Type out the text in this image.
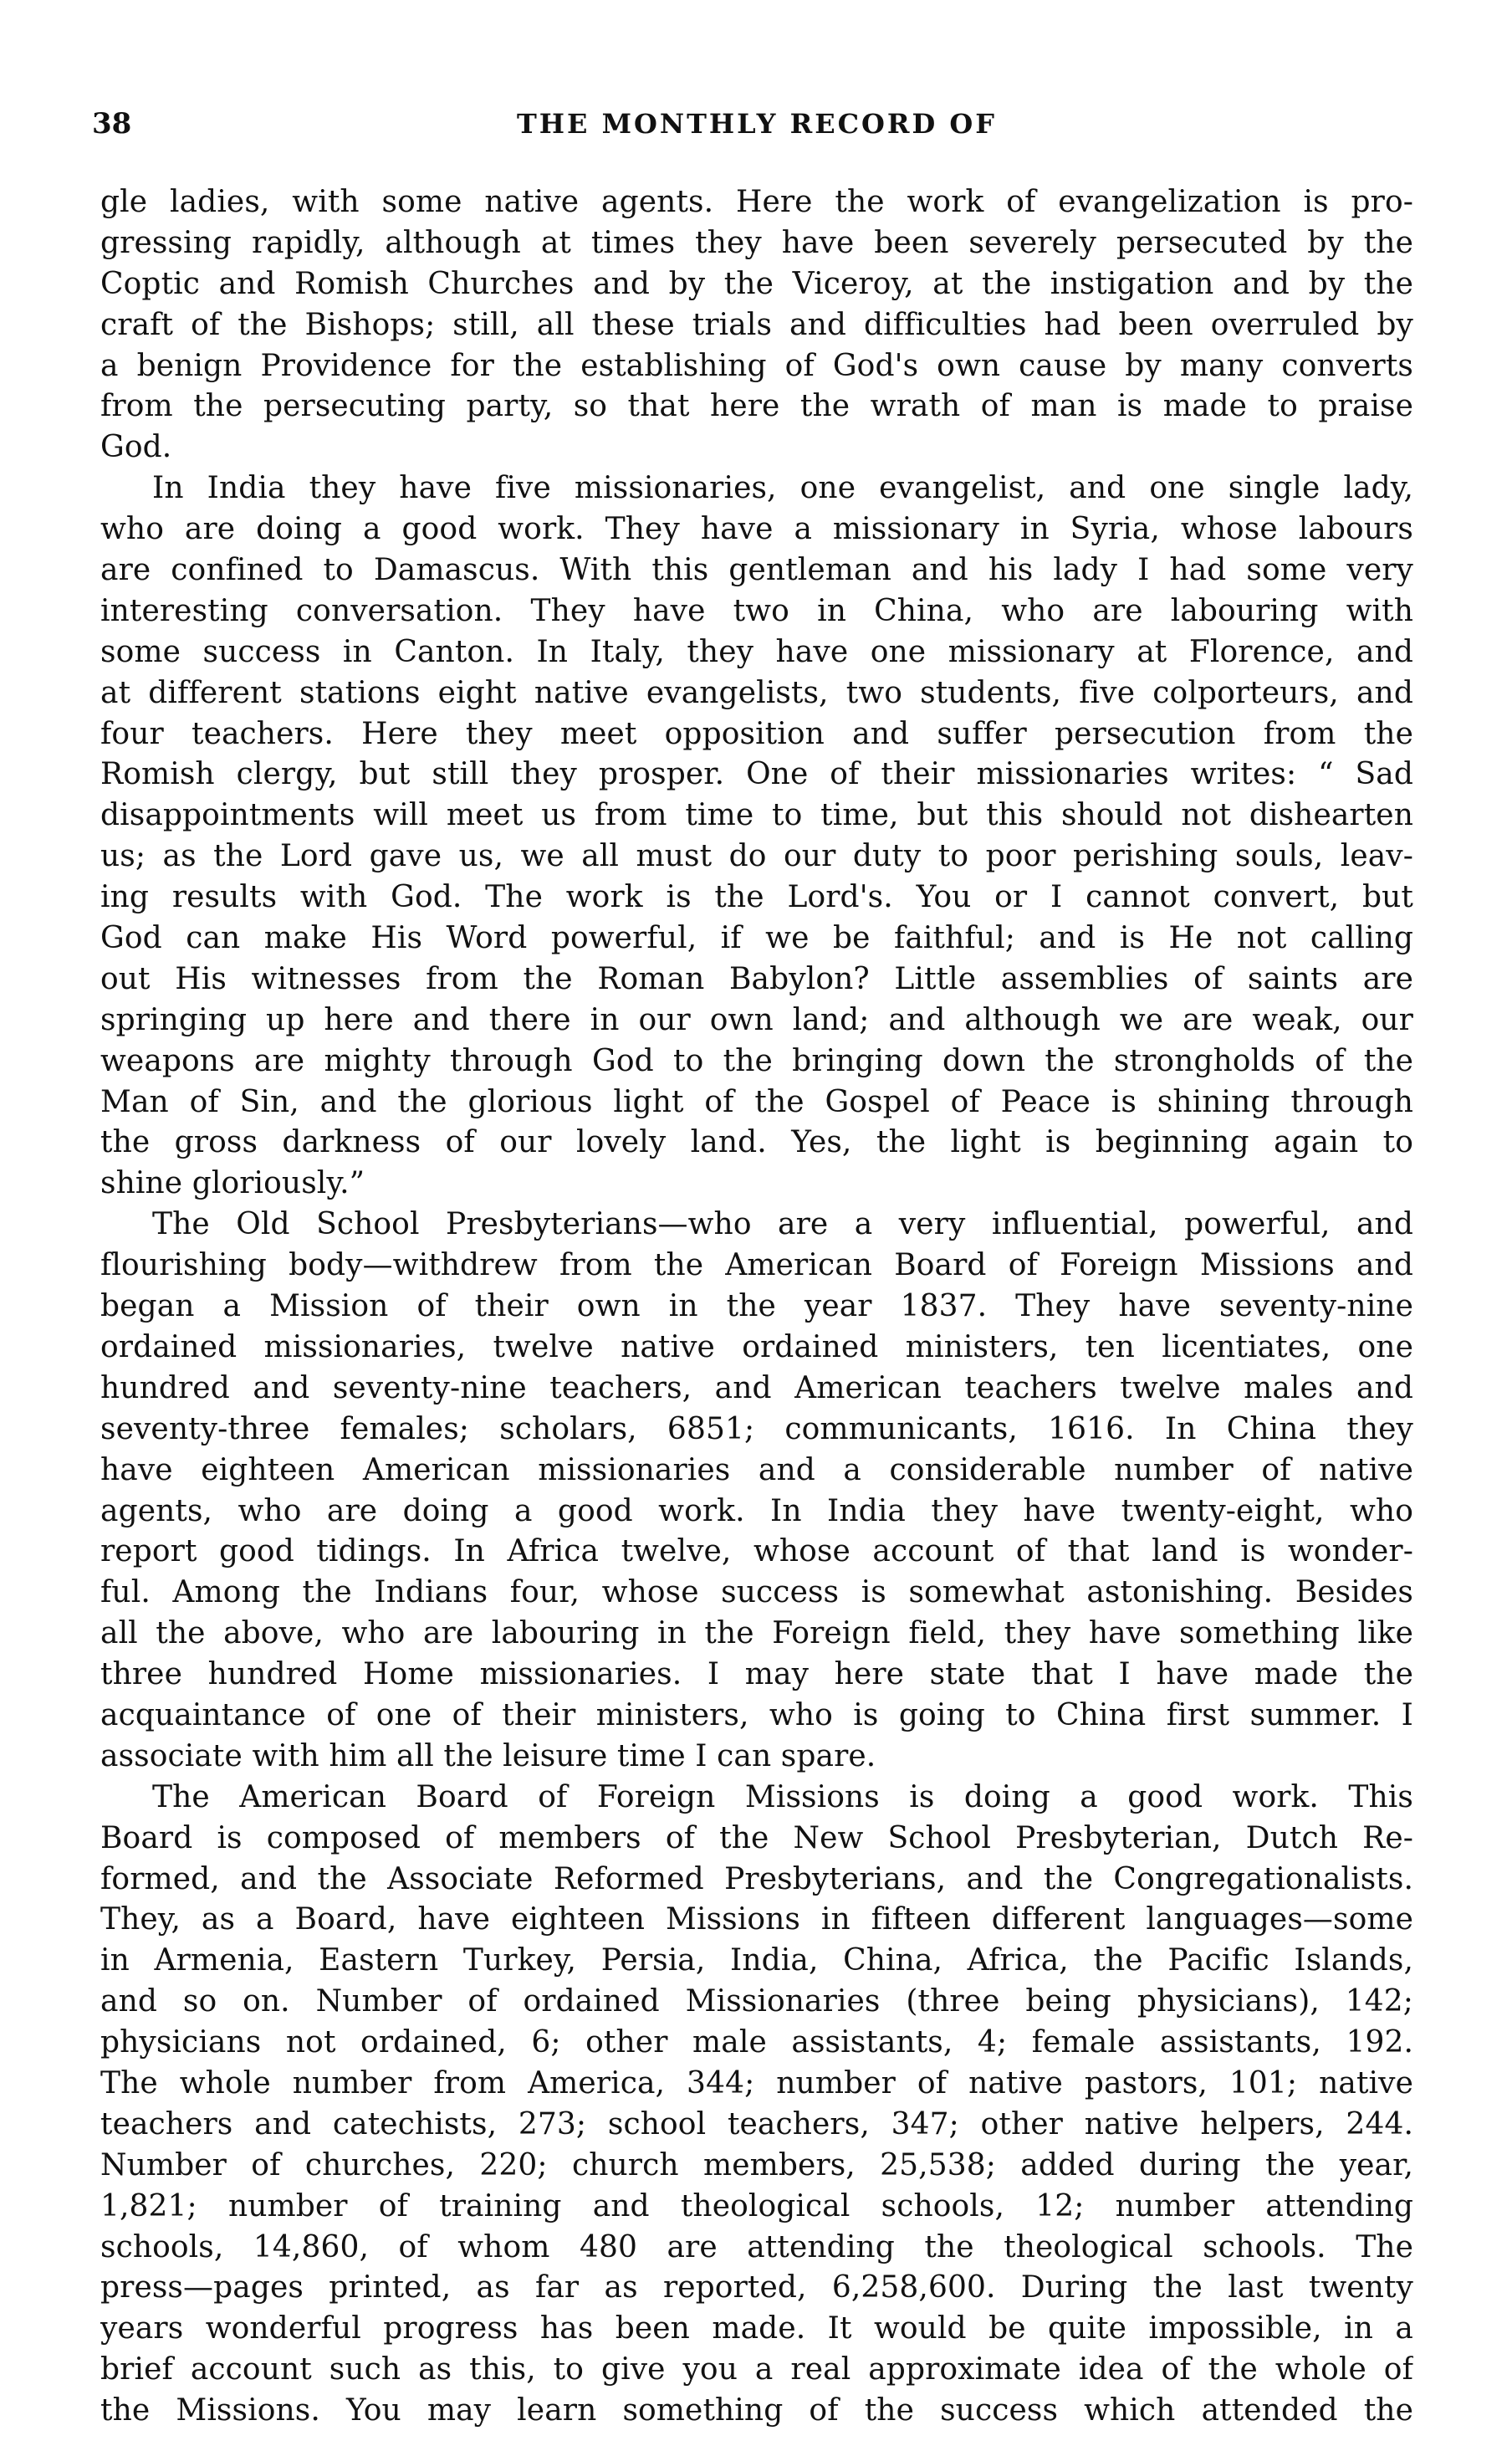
38	THE MONTHLY RECORD OF
gle ladies, with some native agents. Here the work of evangelization is pro-
gressing rapidly, although at times they have been severely persecuted by the
Coptic and Romish Churches and by the Viceroy, at the instigation and by the
craft of the Bishops; still, all these trials and difficulties had been overruled by
a benign Providence for the establishing of God's own cause by many converts
from the persecuting party, so that here the wrath of man is made to praise
God.
In India they have five missionaries, one evangelist, and one single lady,
who are doing a good work. They have a missionary in Syria, whose labours
are confined to Damascus. With this gentleman and his lady I had some very
interesting conversation. They have two in China, who are labouring with
some success in Canton. In Italy, they have one missionary at Florence, and
at different stations eight native evangelists, two students, five colporteurs, and
four teachers. Here they meet opposition and suffer persecution from the
Romish clergy, but still they prosper. One of their missionaries writes: “ Sad
disappointments will meet us from time to time, but this should not dishearten
us; as the Lord gave us, we all must do our duty to poor perishing souls, leav-
ing results with God. The work is the Lord's. You or I cannot convert, but
God can make His Word powerful, if we be faithful; and is He not calling
out His witnesses from the Roman Babylon? Little assemblies of saints are
springing up here and there in our own land; and although we are weak, our
weapons are mighty through God to the bringing down the strongholds of the
Man of Sin, and the glorious light of the Gospel of Peace is shining through
the gross darkness of our lovely land. Yes, the light is beginning again to
shine gloriously.”
The Old School Presbyterians—who are a very influential, powerful, and
flourishing body—withdrew from the American Board of Foreign Missions and
began a Mission of their own in the year 1837. They have seventy-nine
ordained missionaries, twelve native ordained ministers, ten licentiates, one
hundred and seventy-nine teachers, and American teachers twelve males and
seventy-three females; scholars, 6851; communicants, 1616. In China they
have eighteen American missionaries and a considerable number of native
agents, who are doing a good work. In India they have twenty-eight, who
report good tidings. In Africa twelve, whose account of that land is wonder-
ful. Among the Indians four, whose success is somewhat astonishing. Besides
all the above, who are labouring in the Foreign field, they have something like
three hundred Home missionaries. I may here state that I have made the
acquaintance of one of their ministers, who is going to China first summer. I
associate with him all the leisure time I can spare.
The American Board of Foreign Missions is doing a good work. This
Board is composed of members of the New School Presbyterian, Dutch Re-
formed, and the Associate Reformed Presbyterians, and the Congregationalists.
They, as a Board, have eighteen Missions in fifteen different languages—some
in Armenia, Eastern Turkey, Persia, India, China, Africa, the Pacific Islands,
and so on. Number of ordained Missionaries (three being physicians), 142;
physicians not ordained, 6; other male assistants, 4; female assistants, 192.
The whole number from America, 344; number of native pastors, 101; native
teachers and catechists, 273; school teachers, 347; other native helpers, 244.
Number of churches, 220; church members, 25,538; added during the year,
1,821; number of training and theological schools, 12; number attending
schools, 14,860, of whom 480 are attending the theological schools. The
press—pages printed, as far as reported, 6,258,600. During the last twenty
years wonderful progress has been made. It would be quite impossible, in a
brief account such as this, to give you a real approximate idea of the whole of
the Missions. You may learn something of the success which attended the
